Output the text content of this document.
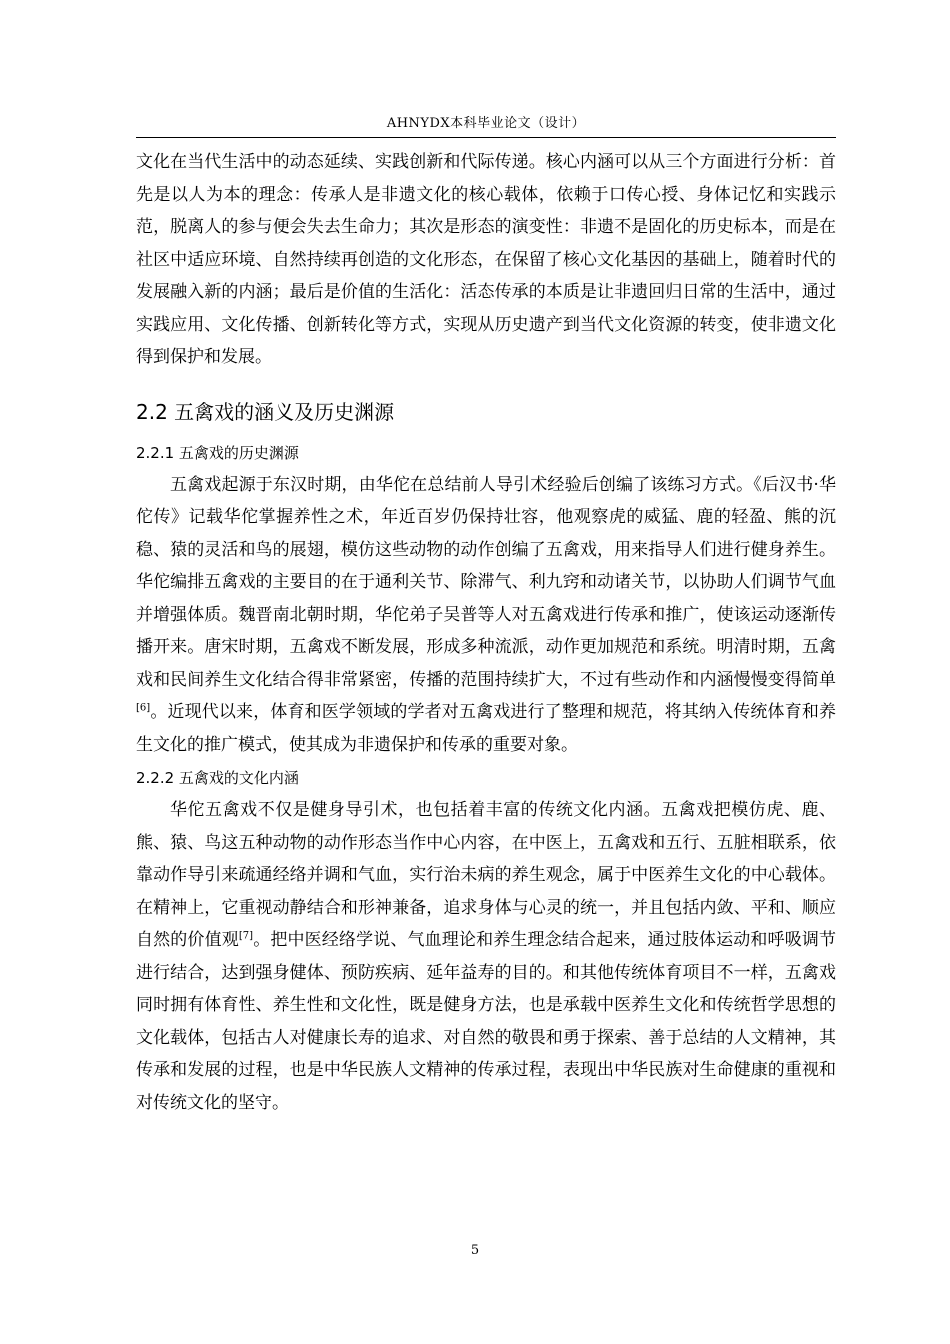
AHNYDX本科毕业论文（设计）

文化在当代生活中的动态延续、实践创新和代际传递。核心内涵可以从三个方面进行分析：首先是以人为本的理念：传承人是非遗文化的核心载体，依赖于口传心授、身体记忆和实践示范，脱离人的参与便会失去生命力；其次是形态的演变性：非遗不是固化的历史标本，而是在社区中适应环境、自然持续再创造的文化形态，在保留了核心文化基因的基础上，随着时代的发展融入新的内涵；最后是价值的生活化：活态传承的本质是让非遗回归日常的生活中，通过实践应用、文化传播、创新转化等方式，实现从历史遗产到当代文化资源的转变，使非遗文化得到保护和发展。

2.2 五禽戏的涵义及历史渊源
2.2.1 五禽戏的历史渊源

五禽戏起源于东汉时期，由华佗在总结前人导引术经验后创编了该练习方式。《后汉书·华佗传》记载华佗掌握养性之术，年近百岁仍保持壮容，他观察虎的威猛、鹿的轻盈、熊的沉稳、猿的灵活和鸟的展翅，模仿这些动物的动作创编了五禽戏，用来指导人们进行健身养生。华佗编排五禽戏的主要目的在于通利关节、除滞气、利九窍和动诸关节，以协助人们调节气血并增强体质。魏晋南北朝时期，华佗弟子吴普等人对五禽戏进行传承和推广，使该运动逐渐传播开来。唐宋时期，五禽戏不断发展，形成多种流派，动作更加规范和系统。明清时期，五禽戏和民间养生文化结合得非常紧密，传播的范围持续扩大，不过有些动作和内涵慢慢变得简单[6]。近现代以来，体育和医学领域的学者对五禽戏进行了整理和规范，将其纳入传统体育和养生文化的推广模式，使其成为非遗保护和传承的重要对象。

2.2.2 五禽戏的文化内涵

华佗五禽戏不仅是健身导引术，也包括着丰富的传统文化内涵。五禽戏把模仿虎、鹿、熊、猿、鸟这五种动物的动作形态当作中心内容，在中医上，五禽戏和五行、五脏相联系，依靠动作导引来疏通经络并调和气血，实行治未病的养生观念，属于中医养生文化的中心载体。在精神上，它重视动静结合和形神兼备，追求身体与心灵的统一，并且包括内敛、平和、顺应自然的价值观[7]。把中医经络学说、气血理论和养生理念结合起来，通过肢体运动和呼吸调节进行结合，达到强身健体、预防疾病、延年益寿的目的。和其他传统体育项目不一样，五禽戏同时拥有体育性、养生性和文化性，既是健身方法，也是承载中医养生文化和传统哲学思想的文化载体，包括古人对健康长寿的追求、对自然的敬畏和勇于探索、善于总结的人文精神，其传承和发展的过程，也是中华民族人文精神的传承过程，表现出中华民族对生命健康的重视和对传统文化的坚守。

5
